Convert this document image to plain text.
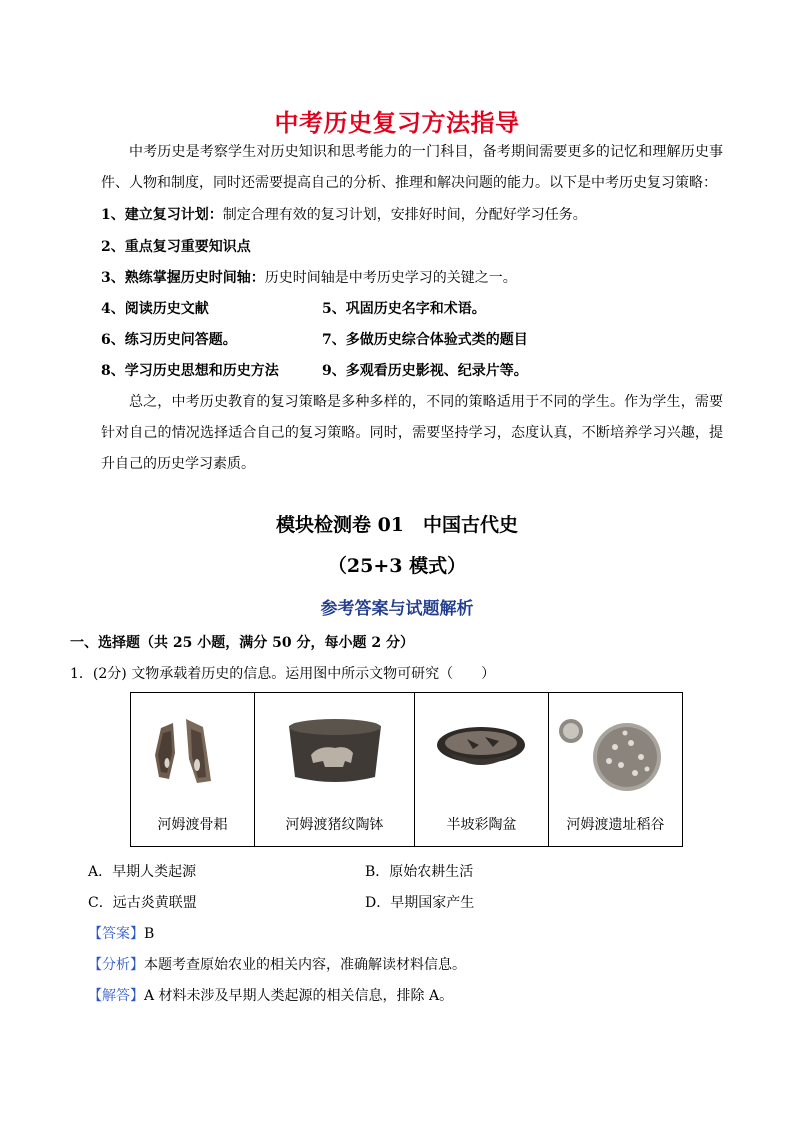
中考历史复习方法指导
中考历史是考察学生对历史知识和思考能力的一门科目，备考期间需要更多的记忆和理解历史事件、人物和制度，同时还需要提高自己的分析、推理和解决问题的能力。以下是中考历史复习策略：
1、建立复习计划：制定合理有效的复习计划，安排好时间，分配好学习任务。
2、重点复习重要知识点
3、熟练掌握历史时间轴：历史时间轴是中考历史学习的关键之一。
4、阅读历史文献	5、巩固历史名字和术语。
6、练习历史问答题。	7、多做历史综合体验式类的题目
8、学习历史思想和历史方法	9、多观看历史影视、纪录片等。
总之，中考历史教育的复习策略是多种多样的，不同的策略适用于不同的学生。作为学生，需要针对自己的情况选择适合自己的复习策略。同时，需要坚持学习，态度认真，不断培养学习兴趣，提升自己的历史学习素质。
模块检测卷 01　中国古代史
（25+3 模式）
参考答案与试题解析
一、选择题（共 25 小题，满分 50 分，每小题 2 分）
1．(2分) 文物承载着历史的信息。运用图中所示文物可研究（　　）
河姆渡骨耜	河姆渡猪纹陶钵	半坡彩陶盆	河姆渡遗址稻谷
A．早期人类起源	B．原始农耕生活
C．远古炎黄联盟	D．早期国家产生
【答案】B
【分析】本题考查原始农业的相关内容，准确解读材料信息。
【解答】A 材料未涉及早期人类起源的相关信息，排除 A。
